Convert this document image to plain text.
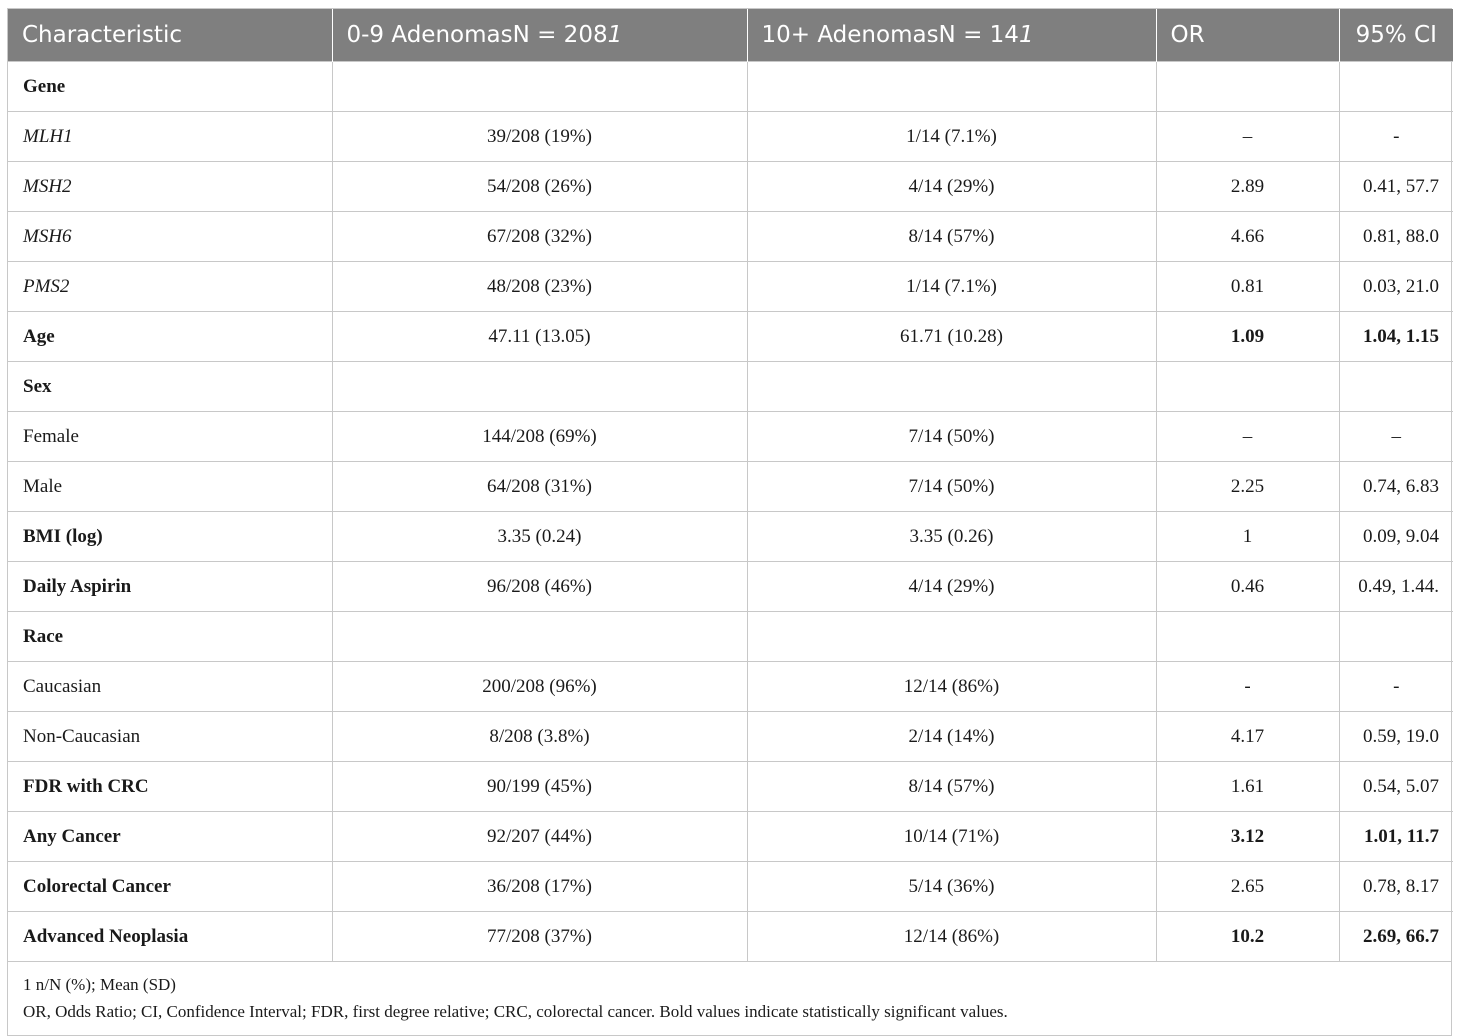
Characteristic	0-9 AdenomasN = 2081	10+ AdenomasN = 141	OR	95% CI
Gene				
MLH1	39/208 (19%)	1/14 (7.1%)	–	-
MSH2	54/208 (26%)	4/14 (29%)	2.89	0.41, 57.7
MSH6	67/208 (32%)	8/14 (57%)	4.66	0.81, 88.0
PMS2	48/208 (23%)	1/14 (7.1%)	0.81	0.03, 21.0
Age	47.11 (13.05)	61.71 (10.28)	1.09	1.04, 1.15
Sex				
Female	144/208 (69%)	7/14 (50%)	–	–
Male	64/208 (31%)	7/14 (50%)	2.25	0.74, 6.83
BMI (log)	3.35 (0.24)	3.35 (0.26)	1	0.09, 9.04
Daily Aspirin	96/208 (46%)	4/14 (29%)	0.46	0.49, 1.44.
Race				
Caucasian	200/208 (96%)	12/14 (86%)	-	-
Non-Caucasian	8/208 (3.8%)	2/14 (14%)	4.17	0.59, 19.0
FDR with CRC	90/199 (45%)	8/14 (57%)	1.61	0.54, 5.07
Any Cancer	92/207 (44%)	10/14 (71%)	3.12	1.01, 11.7
Colorectal Cancer	36/208 (17%)	5/14 (36%)	2.65	0.78, 8.17
Advanced Neoplasia	77/208 (37%)	12/14 (86%)	10.2	2.69, 66.7
1 n/N (%); Mean (SD)
OR, Odds Ratio; CI, Confidence Interval; FDR, first degree relative; CRC, colorectal cancer. Bold values indicate statistically significant values.
